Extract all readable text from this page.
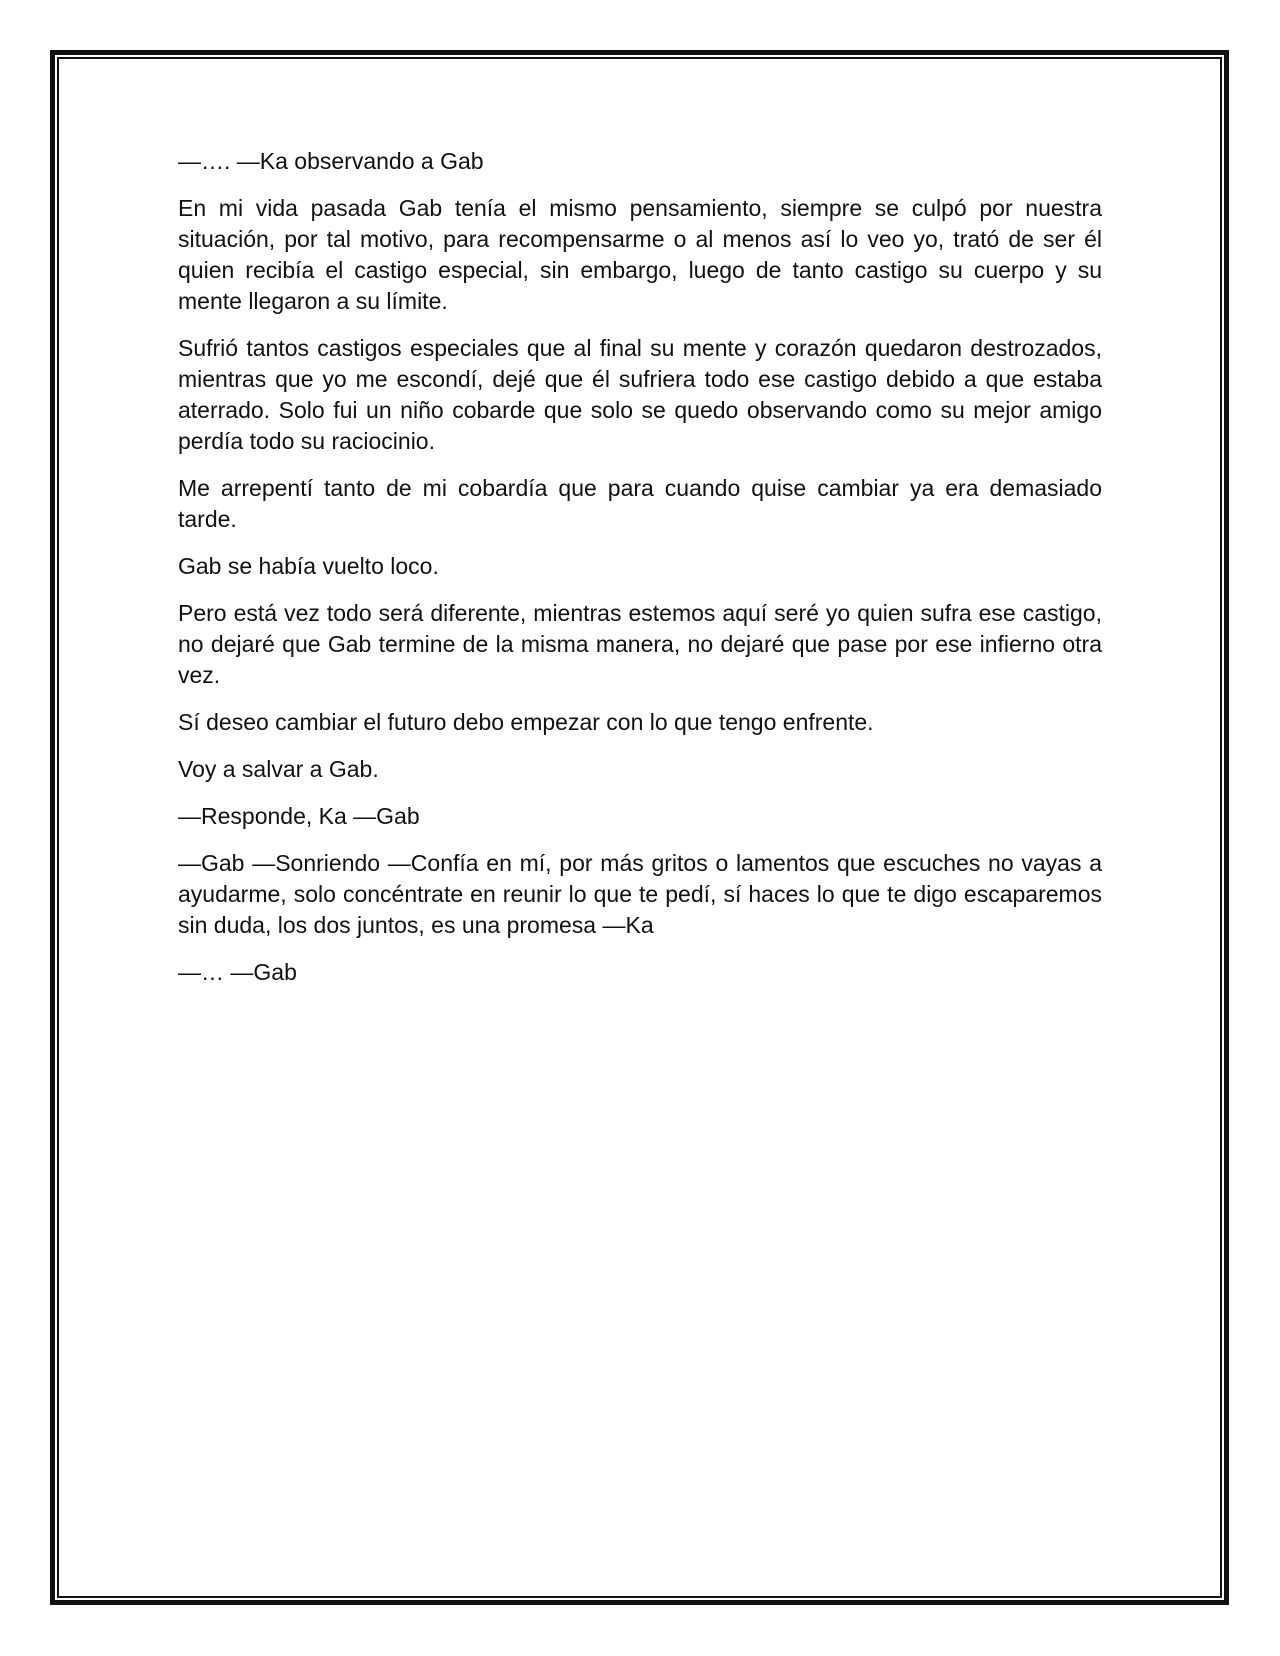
—…. —Ka observando a Gab

En mi vida pasada Gab tenía el mismo pensamiento, siempre se culpó por nuestra situación, por tal motivo, para recompensarme o al menos así lo veo yo, trató de ser él quien recibía el castigo especial, sin embargo, luego de tanto castigo su cuerpo y su mente llegaron a su límite.

Sufrió tantos castigos especiales que al final su mente y corazón quedaron destrozados, mientras que yo me escondí, dejé que él sufriera todo ese castigo debido a que estaba aterrado. Solo fui un niño cobarde que solo se quedo observando como su mejor amigo perdía todo su raciocinio.

Me arrepentí tanto de mi cobardía que para cuando quise cambiar ya era demasiado tarde.

Gab se había vuelto loco.

Pero está vez todo será diferente, mientras estemos aquí seré yo quien sufra ese castigo, no dejaré que Gab termine de la misma manera, no dejaré que pase por ese infierno otra vez.

Sí deseo cambiar el futuro debo empezar con lo que tengo enfrente.

Voy a salvar a Gab.

—Responde, Ka —Gab

—Gab —Sonriendo —Confía en mí, por más gritos o lamentos que escuches no vayas a ayudarme, solo concéntrate en reunir lo que te pedí, sí haces lo que te digo escaparemos sin duda, los dos juntos, es una promesa —Ka

—… —Gab
